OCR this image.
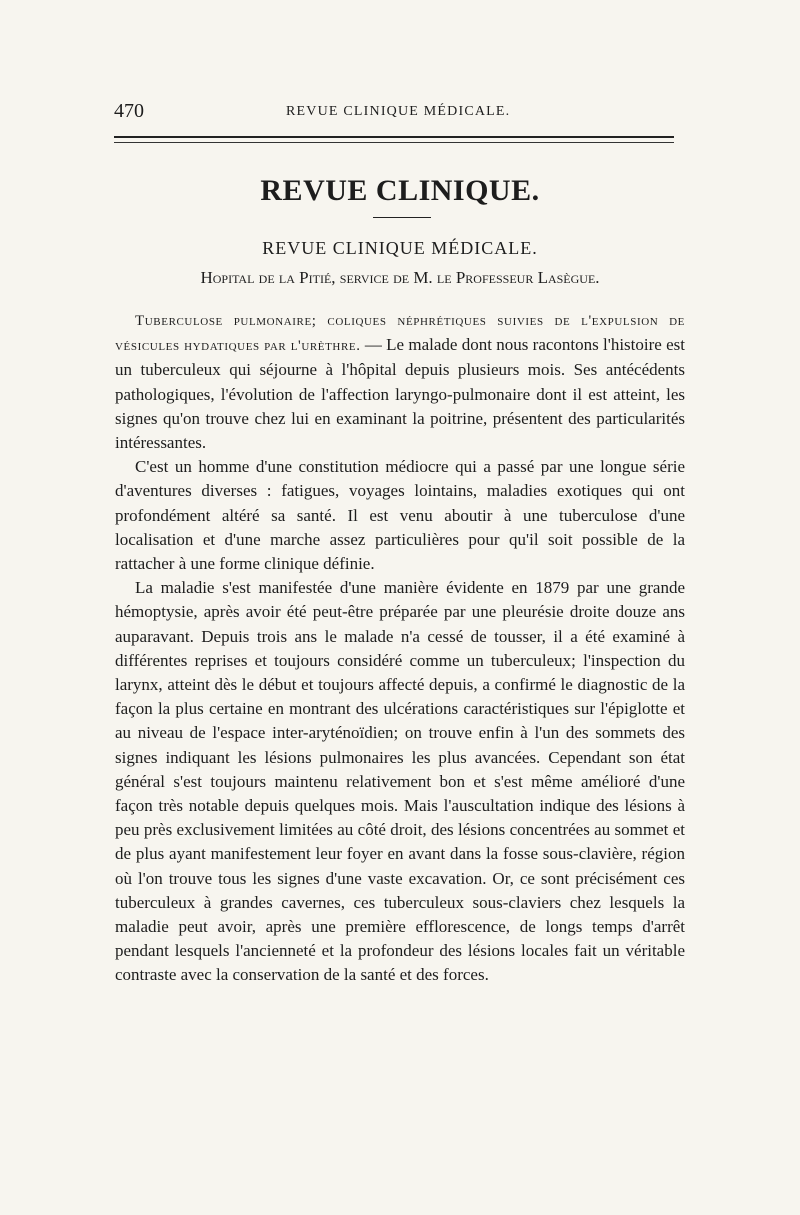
470	REVUE CLINIQUE MÉDICALE.
REVUE CLINIQUE.
REVUE CLINIQUE MÉDICALE.
Hopital de la Pitié, service de M. le Professeur Lasègue.

Tuberculose pulmonaire; coliques néphrétiques suivies de l'expulsion de vésicules hydatiques par l'urèthre. — Le malade dont nous racontons l'histoire est un tuberculeux qui séjourne à l'hôpital depuis plusieurs mois. Ses antécédents pathologiques, l'évolution de l'affection laryngo-pulmonaire dont il est atteint, les signes qu'on trouve chez lui en examinant la poitrine, présentent des particularités intéressantes.

C'est un homme d'une constitution médiocre qui a passé par une longue série d'aventures diverses : fatigues, voyages lointains, maladies exotiques qui ont profondément altéré sa santé. Il est venu aboutir à une tuberculose d'une localisation et d'une marche assez particulières pour qu'il soit possible de la rattacher à une forme clinique définie.

La maladie s'est manifestée d'une manière évidente en 1879 par une grande hémoptysie, après avoir été peut-être préparée par une pleurésie droite douze ans auparavant. Depuis trois ans le malade n'a cessé de tousser, il a été examiné à différentes reprises et toujours considéré comme un tuberculeux; l'inspection du larynx, atteint dès le début et toujours affecté depuis, a confirmé le diagnostic de la façon la plus certaine en montrant des ulcérations caractéristiques sur l'épiglotte et au niveau de l'espace inter-aryténoïdien; on trouve enfin à l'un des sommets des signes indiquant les lésions pulmonaires les plus avancées. Cependant son état général s'est toujours maintenu relativement bon et s'est même amélioré d'une façon très notable depuis quelques mois. Mais l'auscultation indique des lésions à peu près exclusivement limitées au côté droit, des lésions concentrées au sommet et de plus ayant manifestement leur foyer en avant dans la fosse sous-clavière, région où l'on trouve tous les signes d'une vaste excavation. Or, ce sont précisément ces tuberculeux à grandes cavernes, ces tuberculeux sous-claviers chez lesquels la maladie peut avoir, après une première efflorescence, de longs temps d'arrêt pendant lesquels l'ancienneté et la profondeur des lésions locales fait un véritable contraste avec la conservation de la santé et des forces.
